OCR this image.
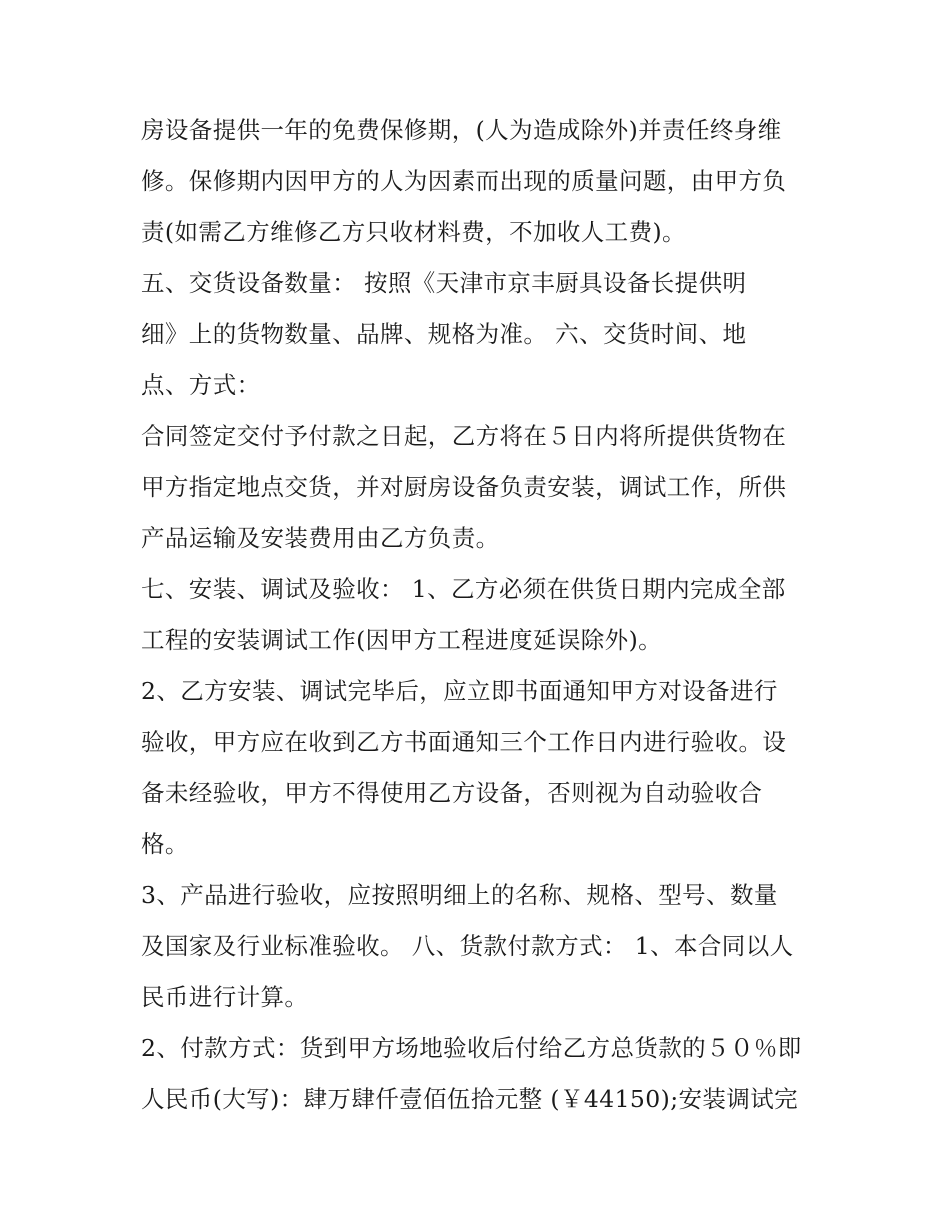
房设备提供一年的免费保修期，(人为造成除外)并责任终身维
修。保修期内因甲方的人为因素而出现的质量问题，由甲方负
责(如需乙方维修乙方只收材料费，不加收人工费)。
五、交货设备数量： 按照《天津市京丰厨具设备长提供明
细》上的货物数量、品牌、规格为准。 六、交货时间、地
点、方式：
合同签定交付予付款之日起，乙方将在５日内将所提供货物在
甲方指定地点交货，并对厨房设备负责安装，调试工作，所供
产品运输及安装费用由乙方负责。
七、安装、调试及验收： 1、乙方必须在供货日期内完成全部
工程的安装调试工作(因甲方工程进度延误除外)。
2、乙方安装、调试完毕后，应立即书面通知甲方对设备进行
验收，甲方应在收到乙方书面通知三个工作日内进行验收。设
备未经验收，甲方不得使用乙方设备，否则视为自动验收合
格。
3、产品进行验收，应按照明细上的名称、规格、型号、数量
及国家及行业标准验收。 八、货款付款方式： 1、本合同以人
民币进行计算。
2、付款方式：货到甲方场地验收后付给乙方总货款的５０％即
人民币(大写)：肆万肆仟壹佰伍拾元整 (￥44150);安装调试完
